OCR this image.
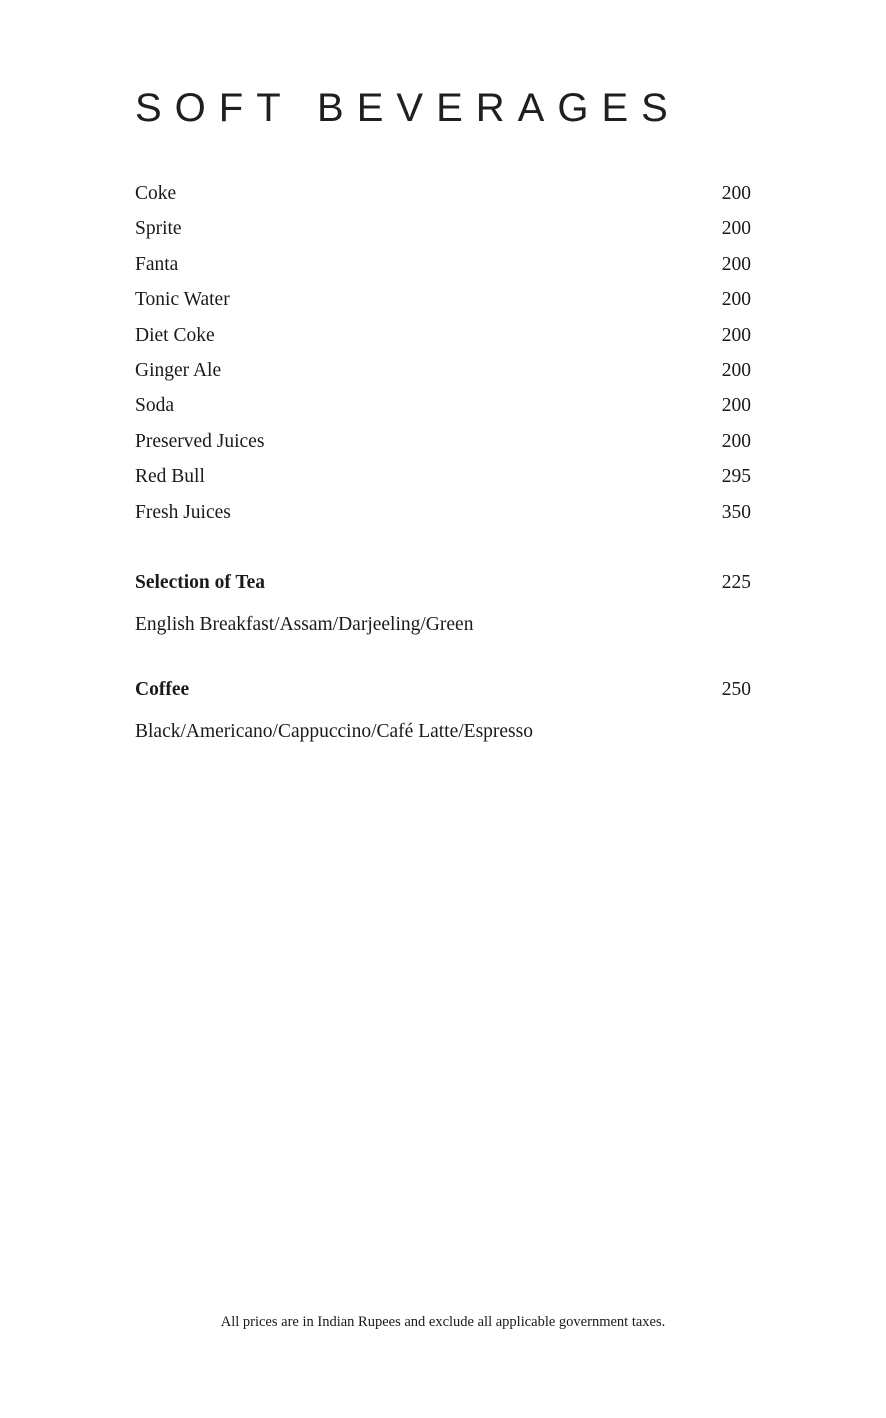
SOFT BEVERAGES
Coke	200
Sprite	200
Fanta	200
Tonic Water	200
Diet Coke	200
Ginger Ale	200
Soda	200
Preserved Juices	200
Red Bull	295
Fresh Juices	350
Selection of Tea	225
English Breakfast/Assam/Darjeeling/Green
Coffee	250
Black/Americano/Cappuccino/Café Latte/Espresso
All prices are in Indian Rupees and exclude all applicable government taxes.
